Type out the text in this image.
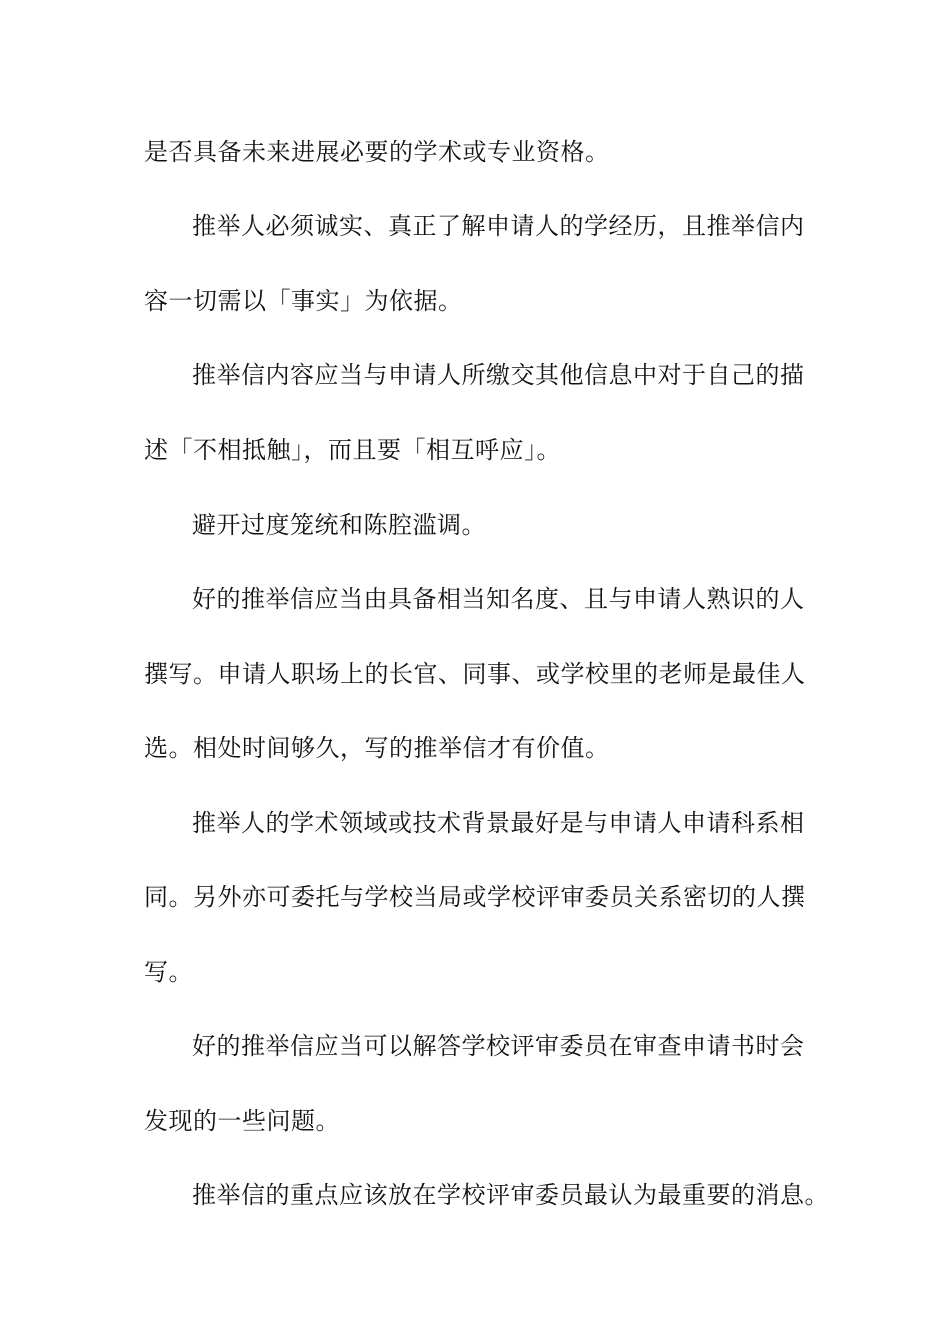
是否具备未来进展必要的学术或专业资格。
推举人必须诚实、真正了解申请人的学经历，且推举信内
容一切需以「事实」为依据。
推举信内容应当与申请人所缴交其他信息中对于自己的描
述「不相抵触」，而且要「相互呼应」。
避开过度笼统和陈腔滥调。
好的推举信应当由具备相当知名度、且与申请人熟识的人
撰写。申请人职场上的长官、同事、或学校里的老师是最佳人
选。相处时间够久，写的推举信才有价值。
推举人的学术领域或技术背景最好是与申请人申请科系相
同。另外亦可委托与学校当局或学校评审委员关系密切的人撰
写。
好的推举信应当可以解答学校评审委员在审查申请书时会
发现的一些问题。
推举信的重点应该放在学校评审委员最认为最重要的消息。
